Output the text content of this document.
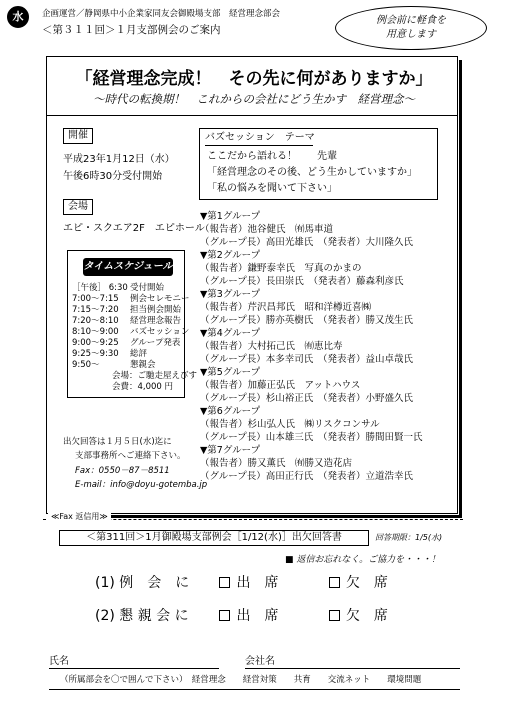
水	企画運営／静岡県中小企業家同友会御殿場支部　経営理念部会
＜第３１１回＞１月支部例会のご案内
例会前に軽食を
用意します
「経営理念完成！　その先に何がありますか」
～時代の転換期！　これからの会社にどう生かす　経営理念～
開催
平成23年1月12日（水）
午後6時30分受付開始
バズセッション　テーマ
ここだから語れる！　　先輩
「経営理念のその後、どう生かしていますか」
「私の悩みを聞いて下さい」
会場
エピ・スクエア2F　エピホール
タイムスケジュール
［午後］ 6:30 受付開始
7:00～7:15 例会セレモニー
7:15～7:20 担当例会開始
7:20～8:10 経営理念報告
8:10～9:00 バズセッション
9:00～9:25 グループ発表
9:25～9:30 総評
9:50～	懇親会
会場：ご馳走屋えびす
会費：4,000 円
出欠回答は１月５日(水)迄に
支部事務所へご連絡下さい。
Fax：0550－87－8511
E-mail：info@doyu-gotemba.jp
▼第1グループ
（報告者）池谷健氏　㈲馬車道
（グループ長）高田光雄氏　（発表者）大川隆久氏
▼第2グループ
（報告者）鎌野泰幸氏　写真のかまの
（グループ長）長田崇氏　（発表者）藤森利彦氏
▼第3グループ
（報告者）芹沢昌邦氏　昭和洋樽近喜㈱
（グループ長）勝亦英樹氏　（発表者）勝又茂生氏
▼第4グループ
（報告者）大村拓己氏　㈲恵比寿
（グループ長）本多幸司氏　（発表者）益山卓哉氏
▼第5グループ
（報告者）加藤正弘氏　アットハウス
（グループ長）杉山裕正氏　（発表者）小野盛久氏
▼第6グループ
（報告者）杉山弘人氏　㈱リスクコンサル
（グループ長）山本雄三氏　（発表者）勝間田賢一氏
▼第7グループ
（報告者）勝又薫氏　㈲勝又造花店
（グループ長）高田正行氏　（発表者）立道浩幸氏
≪Fax 返信用≫
＜第311回＞1月御殿場支部例会［1/12(水)］出欠回答書	回答期限：1/5(水)
■ 返信お忘れなく。ご協力を・・・！
(1) 例　会　に	出　席	欠　席
(2) 懇 親 会 に	出　席	欠　席
氏名	会社名
（所属部会を〇で囲んで下さい）　経営理念　　経営対策　　共育　　交流ネット　　環境問題
